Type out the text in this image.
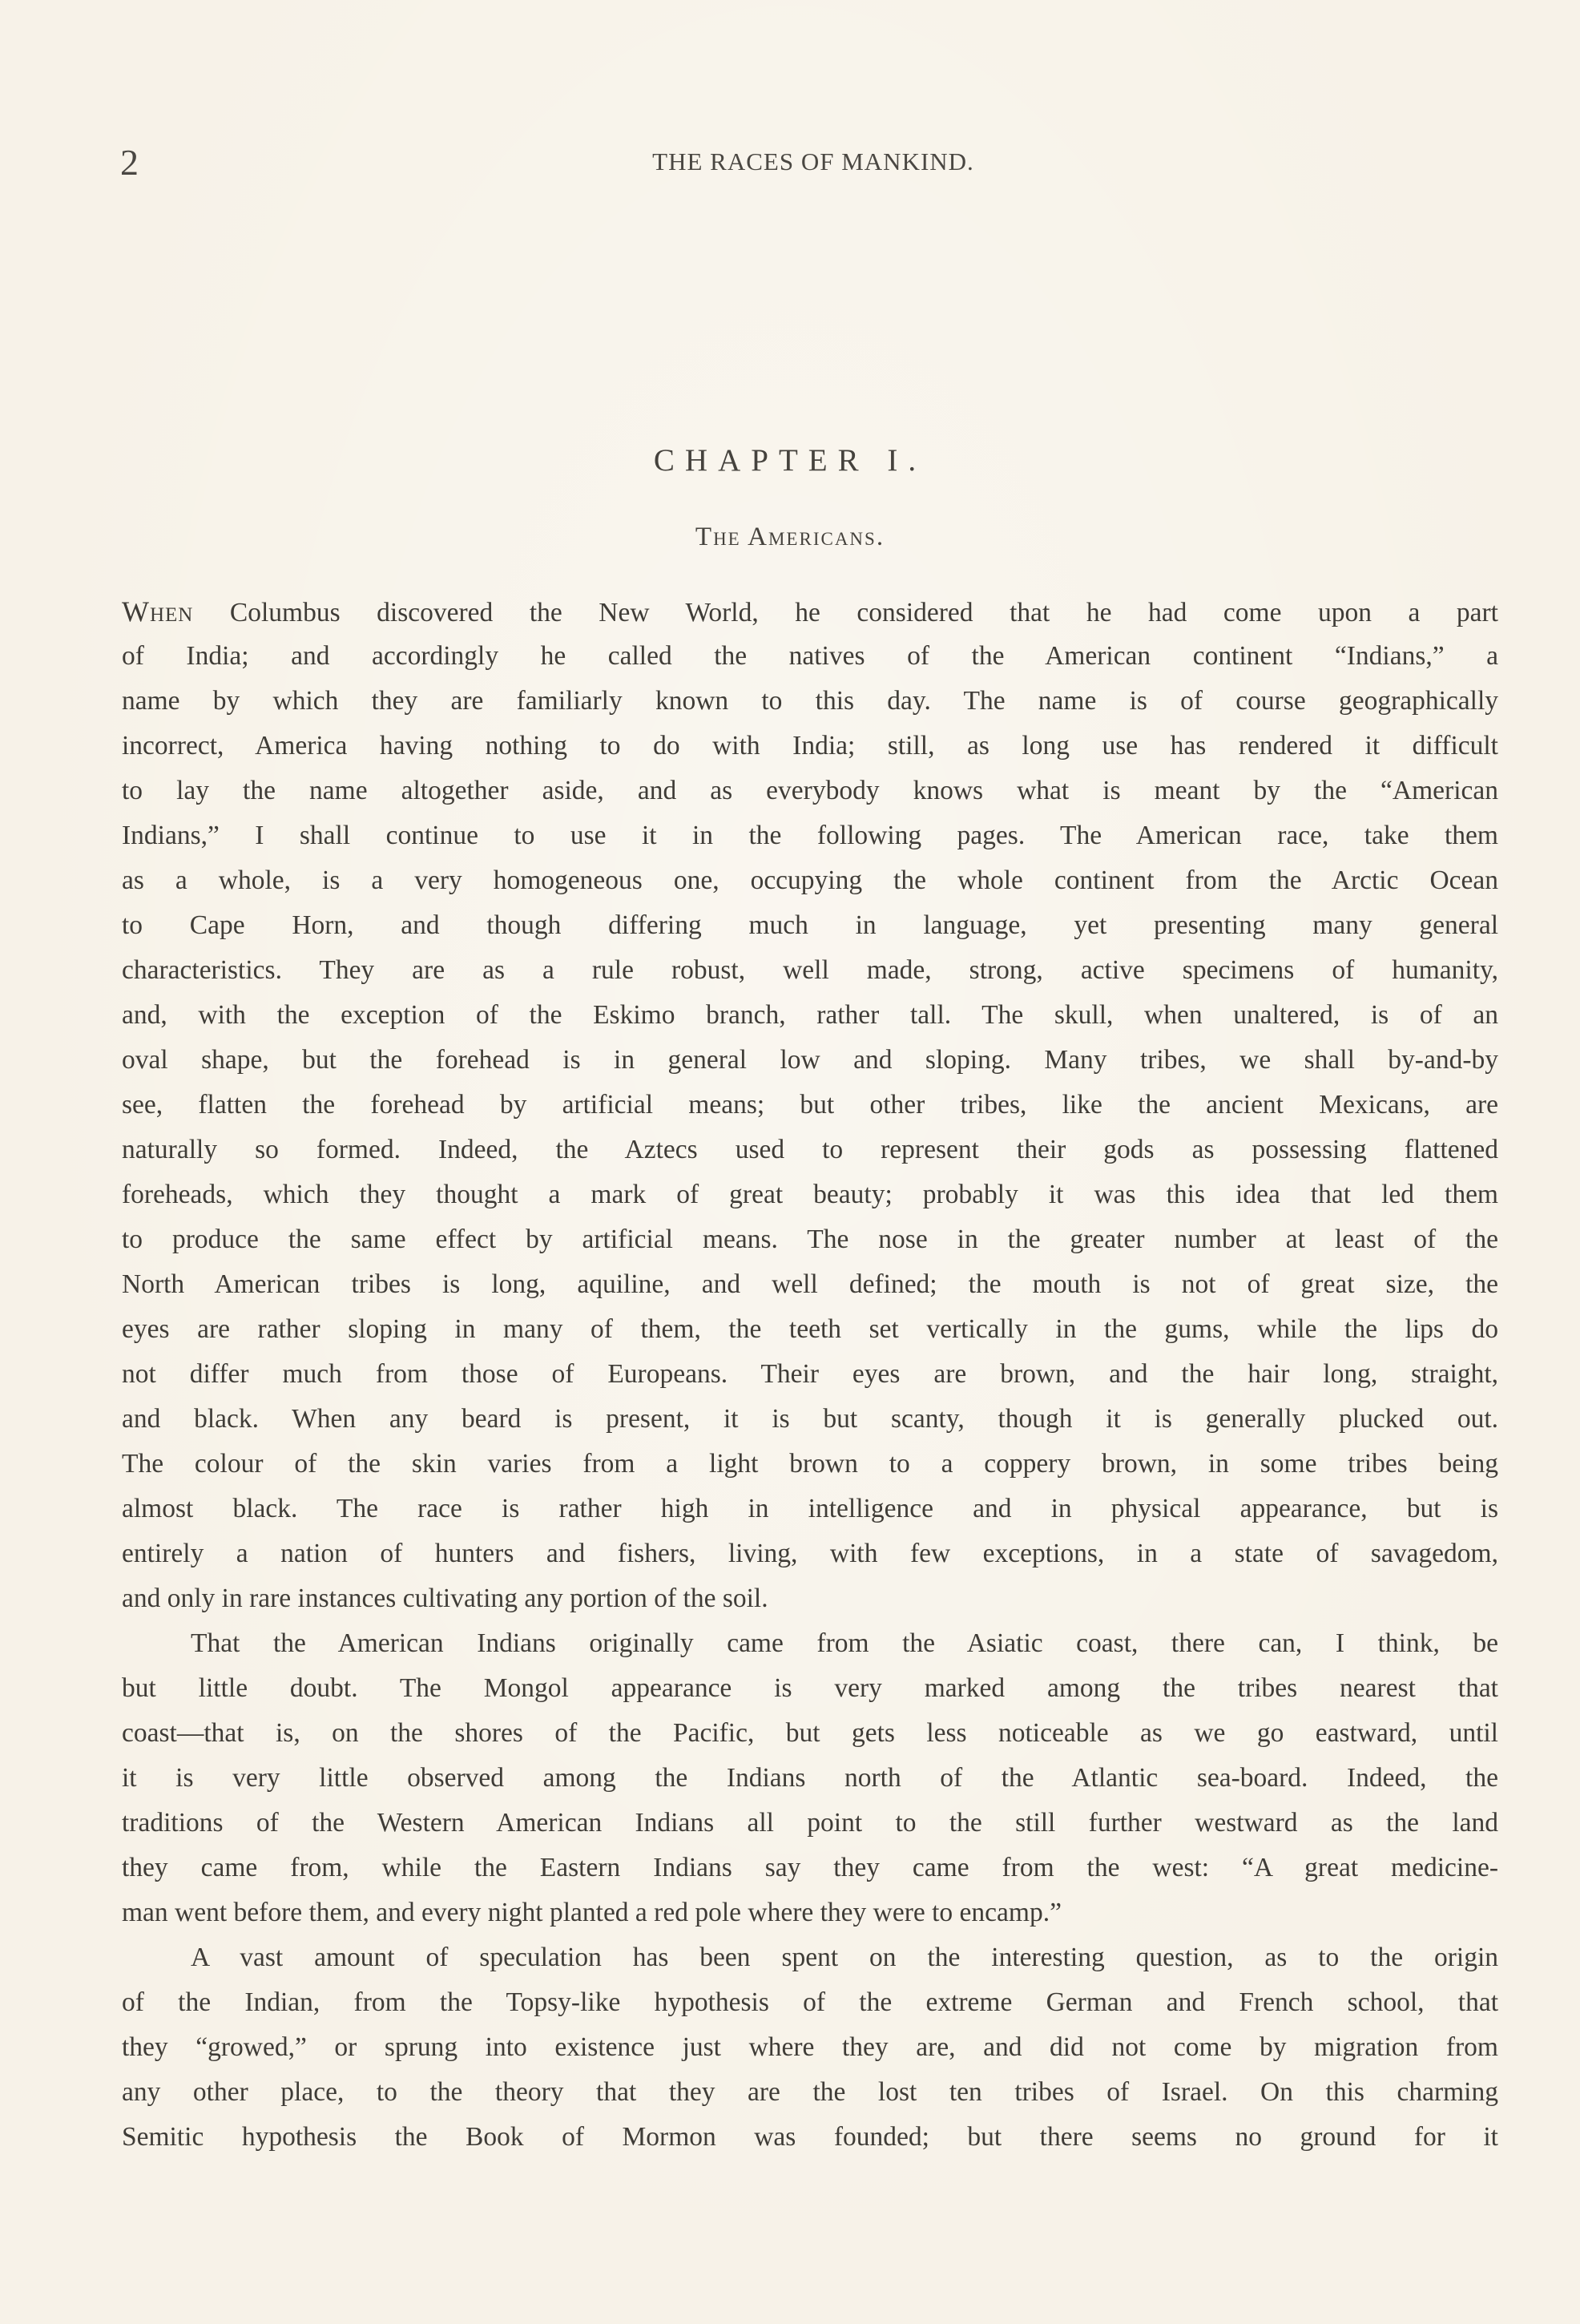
2	THE RACES OF MANKIND.
CHAPTER I.
The Americans.
When Columbus discovered the New World, he considered that he had come upon a part
of India; and accordingly he called the natives of the American continent “Indians,” a
name by which they are familiarly known to this day. The name is of course geographically
incorrect, America having nothing to do with India; still, as long use has rendered it difficult
to lay the name altogether aside, and as everybody knows what is meant by the “American
Indians,” I shall continue to use it in the following pages. The American race, take them
as a whole, is a very homogeneous one, occupying the whole continent from the Arctic Ocean
to Cape Horn, and though differing much in language, yet presenting many general
characteristics. They are as a rule robust, well made, strong, active specimens of humanity,
and, with the exception of the Eskimo branch, rather tall. The skull, when unaltered, is of an
oval shape, but the forehead is in general low and sloping. Many tribes, we shall by-and-by
see, flatten the forehead by artificial means; but other tribes, like the ancient Mexicans, are
naturally so formed. Indeed, the Aztecs used to represent their gods as possessing flattened
foreheads, which they thought a mark of great beauty; probably it was this idea that led them
to produce the same effect by artificial means. The nose in the greater number at least of the
North American tribes is long, aquiline, and well defined; the mouth is not of great size, the
eyes are rather sloping in many of them, the teeth set vertically in the gums, while the lips do
not differ much from those of Europeans. Their eyes are brown, and the hair long, straight,
and black. When any beard is present, it is but scanty, though it is generally plucked out.
The colour of the skin varies from a light brown to a coppery brown, in some tribes being
almost black. The race is rather high in intelligence and in physical appearance, but is
entirely a nation of hunters and fishers, living, with few exceptions, in a state of savagedom,
and only in rare instances cultivating any portion of the soil.
That the American Indians originally came from the Asiatic coast, there can, I think, be
but little doubt. The Mongol appearance is very marked among the tribes nearest that
coast—that is, on the shores of the Pacific, but gets less noticeable as we go eastward, until
it is very little observed among the Indians north of the Atlantic sea-board. Indeed, the
traditions of the Western American Indians all point to the still further westward as the land
they came from, while the Eastern Indians say they came from the west: “A great medicine-
man went before them, and every night planted a red pole where they were to encamp.”
A vast amount of speculation has been spent on the interesting question, as to the origin
of the Indian, from the Topsy-like hypothesis of the extreme German and French school, that
they “growed,” or sprung into existence just where they are, and did not come by migration from
any other place, to the theory that they are the lost ten tribes of Israel. On this charming
Semitic hypothesis the Book of Mormon was founded; but there seems no ground for it
